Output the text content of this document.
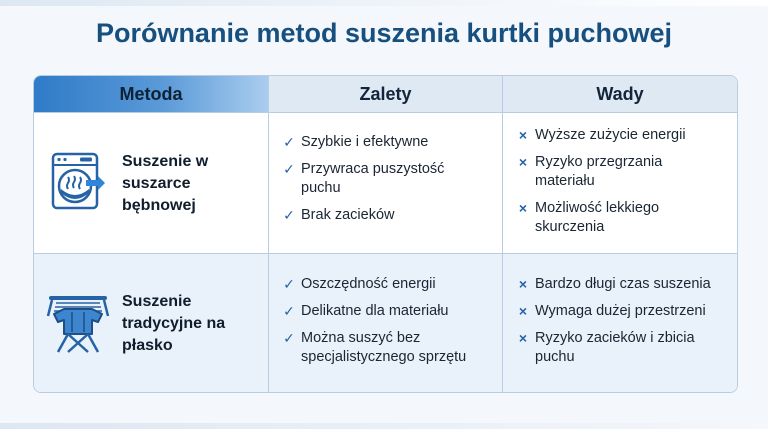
Porównanie metod suszenia kurtki puchowej
Metoda	Zalety	Wady
Suszenie w
suszarce
bębnowej
✓ Szybkie i efektywne
✓ Przywraca puszystość
puchu
✓ Brak zacieków
× Wyższe zużycie energii
× Ryzyko przegrzania
materiału
× Możliwość lekkiego
skurczenia
Suszenie
tradycyjne na
płasko
✓ Oszczędność energii
✓ Delikatne dla materiału
✓ Można suszyć bez
specjalistycznego sprzętu
× Bardzo długi czas suszenia
× Wymaga dużej przestrzeni
× Ryzyko zacieków i zbicia
puchu
